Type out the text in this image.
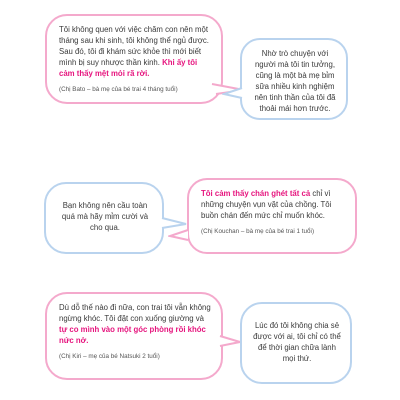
Tôi không quen với việc chăm con nên một tháng sau khi sinh, tôi không thể ngủ được. Sau đó, tôi đi khám sức khỏe thì mới biết mình bị suy nhược thần kinh. Khi ấy tôi cảm thấy mệt mỏi rã rời.
(Chị Bato – bà mẹ của bé trai 4 tháng tuổi)
Nhờ trò chuyện với người mà tôi tin tưởng, cũng là một bà mẹ bỉm sữa nhiều kinh nghiệm nên tinh thần của tôi đã thoải mái hơn trước.
Bạn không nên cầu toàn quá mà hãy mỉm cười và cho qua.
Tôi cảm thấy chán ghét tất cả chỉ vì những chuyện vụn vặt của chồng. Tôi buồn chán đến mức chỉ muốn khóc.
(Chị Kouchan – bà mẹ của bé trai 1 tuổi)
Dù dỗ thế nào đi nữa, con trai tôi vẫn không ngừng khóc. Tôi đặt con xuống giường và tự co mình vào một góc phòng rồi khóc nức nở.
(Chị Kiri – mẹ của bé Natsuki 2 tuổi)
Lúc đó tôi không chia sẻ được với ai, tôi chỉ có thể để thời gian chữa lành mọi thứ.
